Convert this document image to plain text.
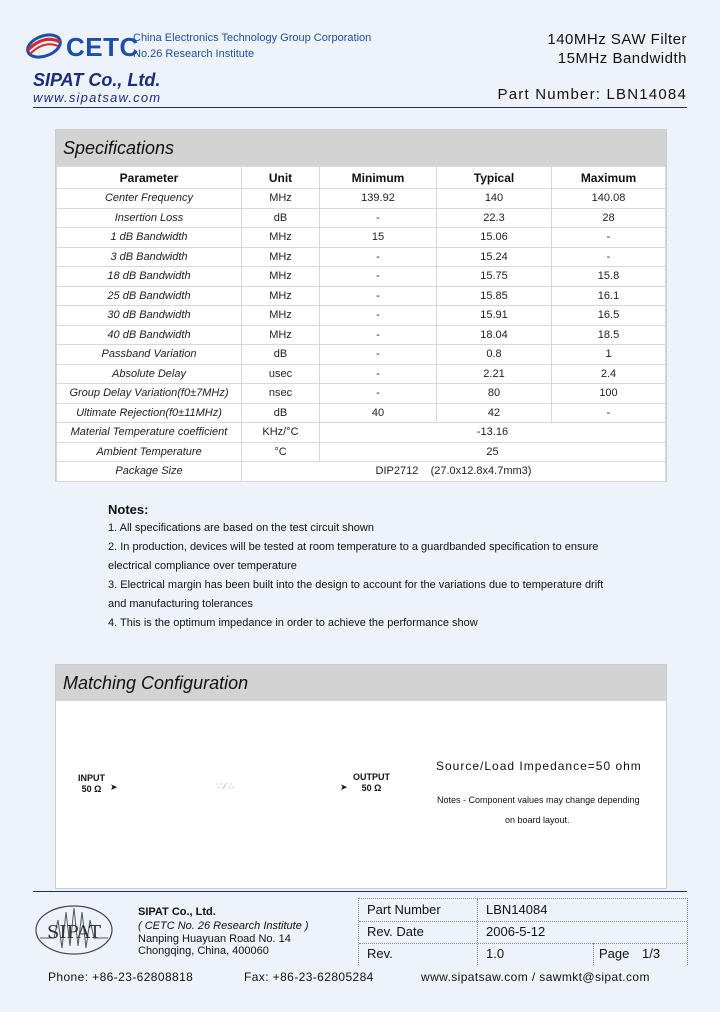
CETC
China Electronics Technology Group Corporation
No.26 Research Institute
140MHz SAW Filter
15MHz Bandwidth
SIPAT Co., Ltd.
www.sipatsaw.com	Part Number: LBN14084
Specifications
Parameter	Unit	Minimum	Typical	Maximum
Center Frequency	MHz	139.92	140	140.08
Insertion Loss	dB	-	22.3	28
1 dB Bandwidth	MHz	15	15.06	-
3 dB Bandwidth	MHz	-	15.24	-
18 dB Bandwidth	MHz	-	15.75	15.8
25 dB Bandwidth	MHz	-	15.85	16.1
30 dB Bandwidth	MHz	-	15.91	16.5
40 dB Bandwidth	MHz	-	18.04	18.5
Passband Variation	dB	-	0.8	1
Absolute Delay	usec	-	2.21	2.4
Group Delay Variation(f0±7MHz)	nsec	-	80	100
Ultimate Rejection(f0±11MHz)	dB	40	42	-
Material Temperature coefficient	KHz/°C	-13.16		
Ambient Temperature	°C	25		
Package Size	DIP2712    (27.0x12.8x4.7mm3)			
Notes:
1. All specifications are based on the test circuit shown
2. In production, devices will be tested at room temperature to a guardbanded specification to ensure
electrical compliance over temperature
3. Electrical margin has been built into the design to account for the variations due to temperature drift
and manufacturing tolerances
4. This is the optimum impedance in order to achieve the performance show
Matching Configuration
INPUT
50 Ω ➤	∵ ⁄ ∴	➤
OUTPUT
50 Ω
Source/Load Impedance=50 ohm
Notes - Component values may change depending
on board layout.
SIPAT
SIPAT Co., Ltd.
( CETC No. 26 Research Institute )
Nanping Huayuan Road No. 14
Chongqing, China, 400060
Part Number	LBN14084
Rev. Date	2006-5-12
Rev.	1.0	Page 1/3
Phone: +86-23-62808818	Fax: +86-23-62805284	www.sipatsaw.com / sawmkt@sipat.com
